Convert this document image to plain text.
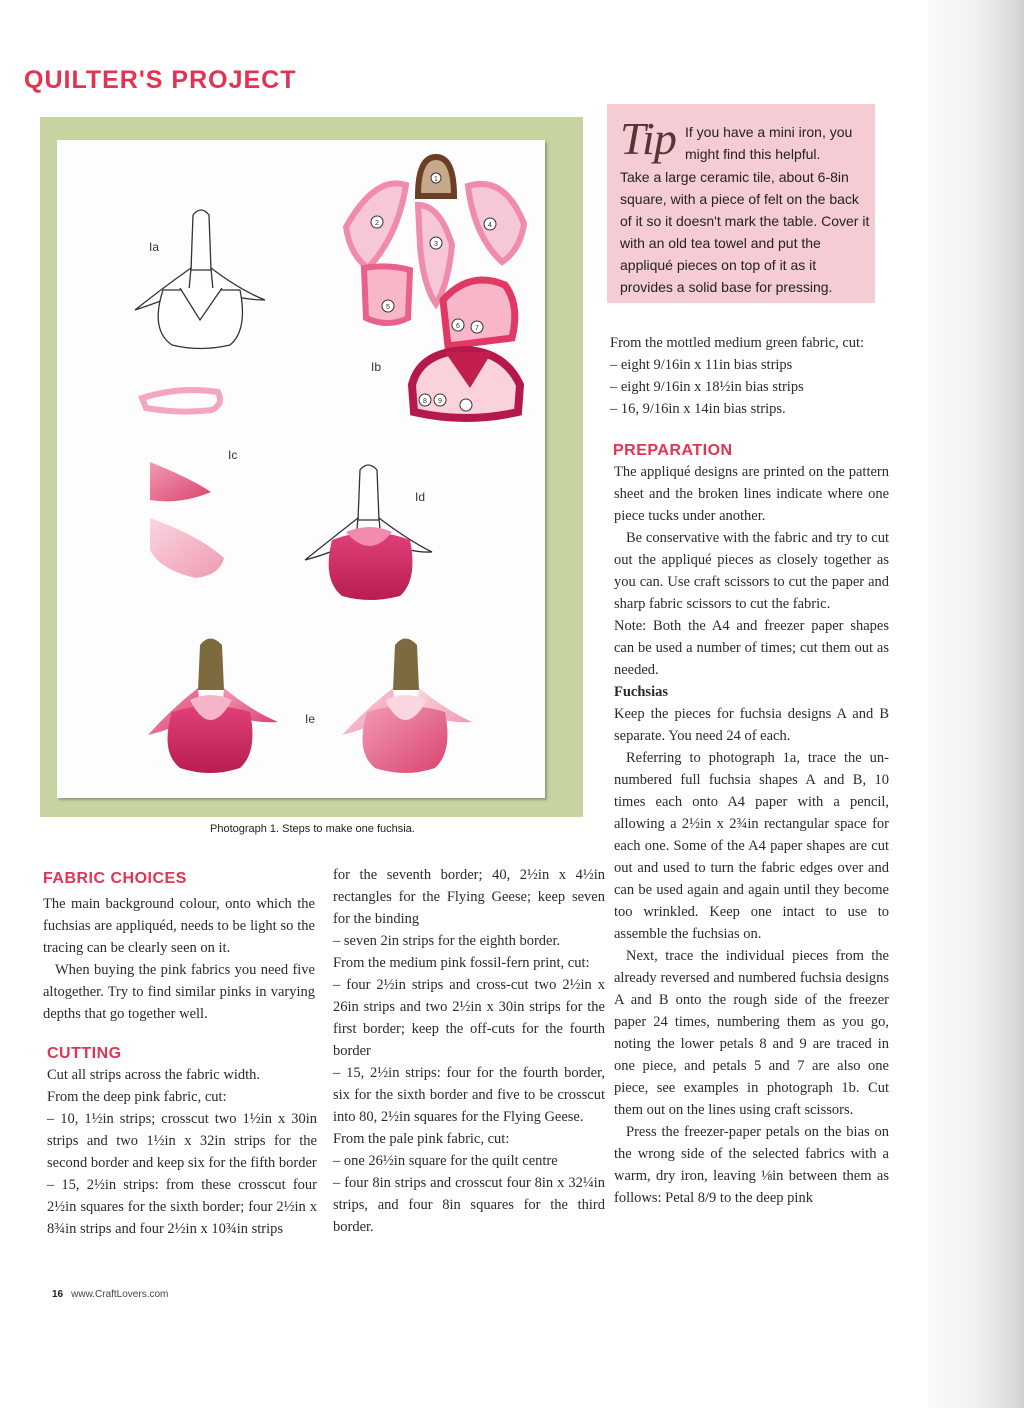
QUILTER'S PROJECT
1
2
3
4
5
6 7
8 9
Ia
Ib
Ic
Id
Ie
Photograph 1. Steps to make one fuchsia.
Tip If you have a mini iron, you might find this helpful.
Take a large ceramic tile, about 6-8in square, with a piece of felt on the back of it so it doesn't mark the table. Cover it with an old tea towel and put the appliqué pieces on top of it as it provides a solid base for pressing.
FABRIC CHOICES

The main background colour, onto which the fuchsias are appliquéd, needs to be light so the tracing can be clearly seen on it.

When buying the pink fabrics you need five altogether. Try to find similar pinks in varying depths that go together well.

CUTTING

Cut all strips across the fabric width.

From the deep pink fabric, cut:

– 10, 1½in strips; crosscut two 1½in x 30in strips and two 1½in x 32in strips for the second border and keep six for the fifth border

– 15, 2½in strips: from these crosscut four 2½in squares for the sixth border; four 2½in x 8¾in strips and four 2½in x 10¾in strips

for the seventh border; 40, 2½in x 4½in rectangles for the Flying Geese; keep seven for the binding

– seven 2in strips for the eighth border.

From the medium pink fossil-fern print, cut:

– four 2½in strips and cross-cut two 2½in x 26in strips and two 2½in x 30in strips for the first border; keep the off-cuts for the fourth border

– 15, 2½in strips: four for the fourth border, six for the sixth border and five to be crosscut into 80, 2½in squares for the Flying Geese.

From the pale pink fabric, cut:

– one 26½in square for the quilt centre

– four 8in strips and crosscut four 8in x 32¼in strips, and four 8in squares for the third border.

From the mottled medium green fabric, cut:

– eight 9/16in x 11in bias strips

– eight 9/16in x 18½in bias strips

– 16, 9/16in x 14in bias strips.

PREPARATION

The appliqué designs are printed on the pattern sheet and the broken lines indicate where one piece tucks under another.

Be conservative with the fabric and try to cut out the appliqué pieces as closely together as you can. Use craft scissors to cut the paper and sharp fabric scissors to cut the fabric.

Note: Both the A4 and freezer paper shapes can be used a number of times; cut them out as needed.

Fuchsias

Keep the pieces for fuchsia designs A and B separate. You need 24 of each.

Referring to photograph 1a, trace the un-numbered full fuchsia shapes A and B, 10 times each onto A4 paper with a pencil, allowing a 2½in x 2¾in rectangular space for each one. Some of the A4 paper shapes are cut out and used to turn the fabric edges over and can be used again and again until they become too wrinkled. Keep one intact to use to assemble the fuchsias on.

Next, trace the individual pieces from the already reversed and numbered fuchsia designs A and B onto the rough side of the freezer paper 24 times, numbering them as you go, noting the lower petals 8 and 9 are traced in one piece, and petals 5 and 7 are also one piece, see examples in photograph 1b. Cut them out on the lines using craft scissors.

Press the freezer-paper petals on the bias on the wrong side of the selected fabrics with a warm, dry iron, leaving ⅛in between them as follows: Petal 8/9 to the deep pink

16 www.CraftLovers.com
